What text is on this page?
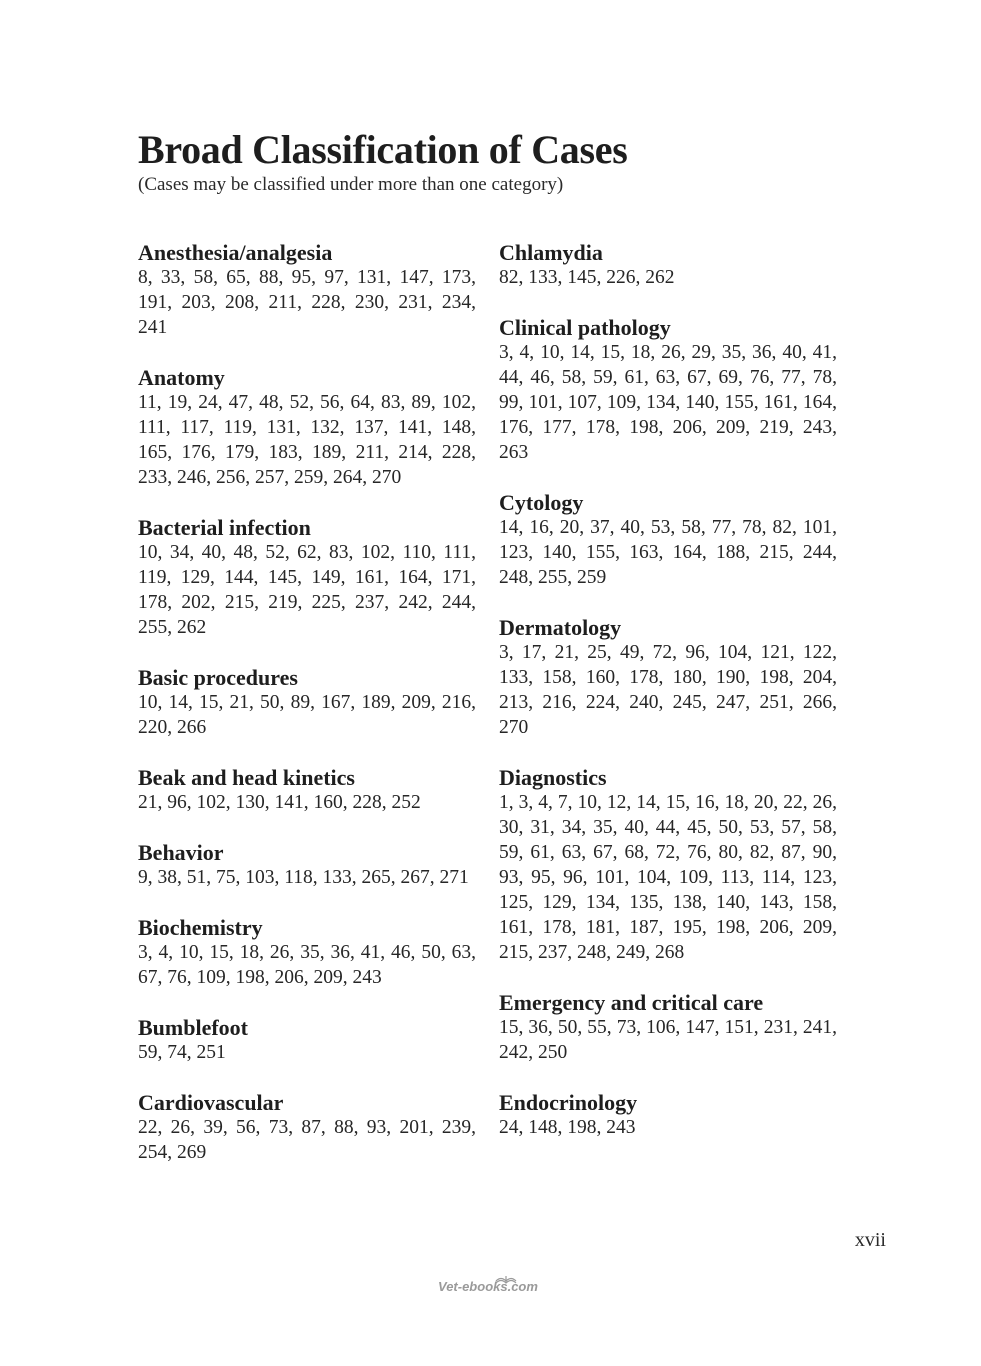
Broad Classification of Cases

(Cases may be classified under more than one category)

Anesthesia/analgesia

8, 33, 58, 65, 88, 95, 97, 131, 147, 173, 191, 203, 208, 211, 228, 230, 231, 234, 241

Anatomy

11, 19, 24, 47, 48, 52, 56, 64, 83, 89, 102, 111, 117, 119, 131, 132, 137, 141, 148, 165, 176, 179, 183, 189, 211, 214, 228, 233, 246, 256, 257, 259, 264, 270

Bacterial infection

10, 34, 40, 48, 52, 62, 83, 102, 110, 111, 119, 129, 144, 145, 149, 161, 164, 171, 178, 202, 215, 219, 225, 237, 242, 244, 255, 262

Basic procedures

10, 14, 15, 21, 50, 89, 167, 189, 209, 216, 220, 266

Beak and head kinetics

21, 96, 102, 130, 141, 160, 228, 252

Behavior

9, 38, 51, 75, 103, 118, 133, 265, 267, 271

Biochemistry

3, 4, 10, 15, 18, 26, 35, 36, 41, 46, 50, 63, 67, 76, 109, 198, 206, 209, 243

Bumblefoot

59, 74, 251

Cardiovascular

22, 26, 39, 56, 73, 87, 88, 93, 201, 239, 254, 269

Chlamydia

82, 133, 145, 226, 262

Clinical pathology

3, 4, 10, 14, 15, 18, 26, 29, 35, 36, 40, 41, 44, 46, 58, 59, 61, 63, 67, 69, 76, 77, 78, 99, 101, 107, 109, 134, 140, 155, 161, 164, 176, 177, 178, 198, 206, 209, 219, 243, 263

Cytology

14, 16, 20, 37, 40, 53, 58, 77, 78, 82, 101, 123, 140, 155, 163, 164, 188, 215, 244, 248, 255, 259

Dermatology

3, 17, 21, 25, 49, 72, 96, 104, 121, 122, 133, 158, 160, 178, 180, 190, 198, 204, 213, 216, 224, 240, 245, 247, 251, 266, 270

Diagnostics

1, 3, 4, 7, 10, 12, 14, 15, 16, 18, 20, 22, 26, 30, 31, 34, 35, 40, 44, 45, 50, 53, 57, 58, 59, 61, 63, 67, 68, 72, 76, 80, 82, 87, 90, 93, 95, 96, 101, 104, 109, 113, 114, 123, 125, 129, 134, 135, 138, 140, 143, 158, 161, 178, 181, 187, 195, 198, 206, 209, 215, 237, 248, 249, 268

Emergency and critical care

15, 36, 50, 55, 73, 106, 147, 151, 231, 241, 242, 250

Endocrinology

24, 148, 198, 243

xvii
Vet-ebooks.com
